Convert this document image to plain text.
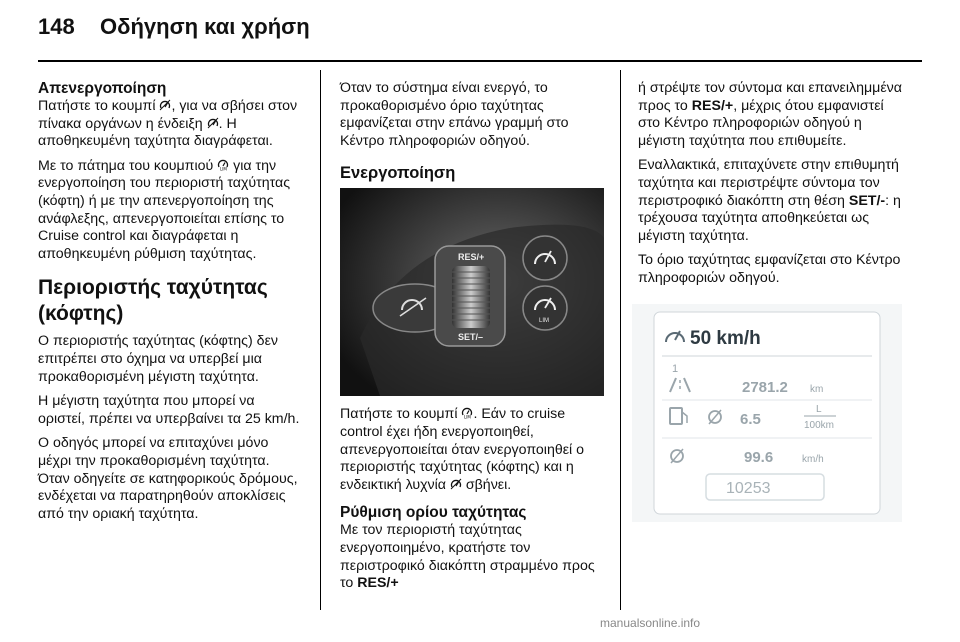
148 Οδήγηση και χρήση
Απενεργοποίηση

Πατήστε το κουμπί , για να σβήσει στον πίνακα οργάνων η ένδειξη . Η αποθηκευμένη ταχύτητα διαγράφεται.

Με το πάτημα του κουμπιού LIM για την ενεργοποίηση του περιοριστή ταχύτητας (κόφτη) ή με την απενεργοποίηση της ανάφλεξης, απενεργοποιείται επίσης το Cruise control και διαγράφεται η αποθηκευμένη ρύθμιση ταχύτητας.

Περιοριστής ταχύτητας (κόφτης)

Ο περιοριστής ταχύτητας (κόφτης) δεν επιτρέπει στο όχημα να υπερβεί μια προκαθορισμένη μέγιστη ταχύτητα.

Η μέγιστη ταχύτητα που μπορεί να οριστεί, πρέπει να υπερβαίνει τα 25 km/h.

Ο οδηγός μπορεί να επιταχύνει μόνο μέχρι την προκαθορισμένη ταχύτητα. Όταν οδηγείτε σε κατηφορικούς δρόμους, ενδέχεται να παρατηρηθούν αποκλίσεις από την οριακή ταχύτητα.

Όταν το σύστημα είναι ενεργό, το προκαθορισμένο όριο ταχύτητας εμφανίζεται στην επάνω γραμμή στο Κέντρο πληροφοριών οδηγού.

Ενεργοποίηση
RES/+
SET/–
LIM

Πατήστε το κουμπί LIM . Εάν το cruise control έχει ήδη ενεργοποιηθεί, απενεργοποιείται όταν ενεργοποιηθεί ο περιοριστής ταχύτητας (κόφτης) και η ενδεικτική λυχνία σβήνει.

Ρύθμιση ορίου ταχύτητας

Με τον περιοριστή ταχύτητας ενεργοποιημένο, κρατήστε τον περιστροφικό διακόπτη στραμμένο προς το RES/+

ή στρέψτε τον σύντομα και επανειλημμένα προς το RES/+, μέχρις ότου εμφανιστεί στο Κέντρο πληροφοριών οδηγού η μέγιστη ταχύτητα που επιθυμείτε.

Εναλλακτικά, επιταχύνετε στην επιθυμητή ταχύτητα και περιστρέψτε σύντομα τον περιστροφικό διακόπτη στη θέση SET/-: η τρέχουσα ταχύτητα αποθηκεύεται ως μέγιστη ταχύτητα.

Το όριο ταχύτητας εμφανίζεται στο Κέντρο πληροφοριών οδηγού.

50 km/h
1
2781.2 km
6.5
L
100km
99.6	km/h
10253
manualsonline.info
